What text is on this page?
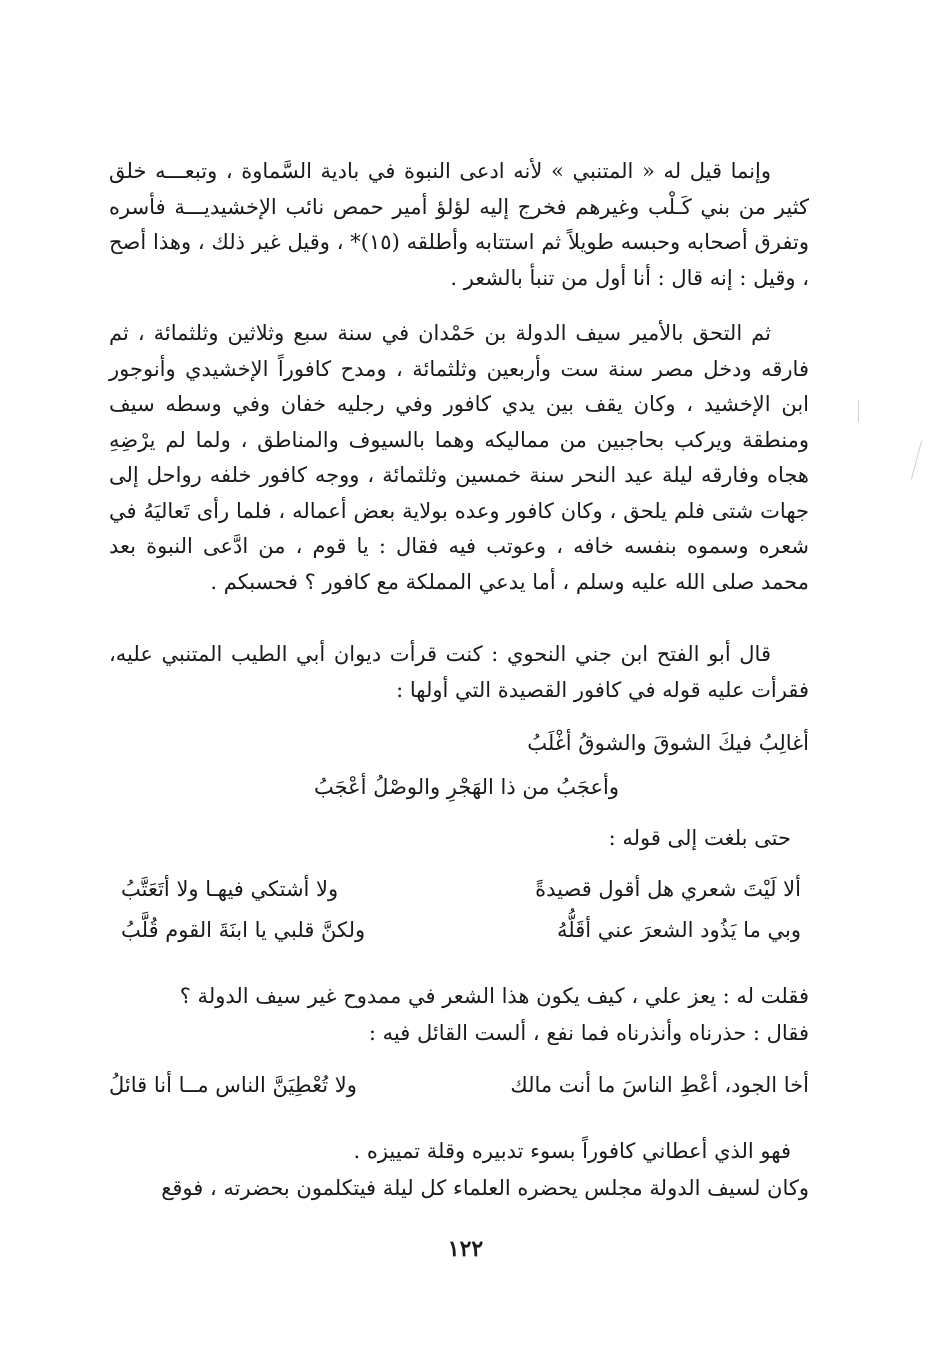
وإنما قيل له « المتنبي » لأنه ادعى النبوة في بادية السَّماوة ، وتبعـــه خلق كثير من بني كَـلْب وغيرهم فخرج إليه لؤلؤ أمير حمص نائب الإخشيديـــة فأسره وتفرق أصحابه وحبسه طويلاً ثم استتابه وأطلقه (١٥)* ، وقيل غير ذلك ، وهذا أصح ، وقيل : إنه قال : أنا أول من تنبأ بالشعر .

ثم التحق بالأمير سيف الدولة بن حَمْدان في سنة سبع وثلاثين وثلثمائة ، ثم فارقه ودخل مصر سنة ست وأربعين وثلثمائة ، ومدح كافوراً الإخشيدي وأنوجور ابن الإخشيد ، وكان يقف بين يدي كافور وفي رجليه خفان وفي وسطه سيف ومنطقة ويركب بحاجبين من مماليكه وهما بالسيوف والمناطق ، ولما لم يرْضِهِ هجاه وفارقه ليلة عيد النحر سنة خمسين وثلثمائة ، ووجه كافور خلفه رواحل إلى جهات شتى فلم يلحق ، وكان كافور وعده بولاية بعض أعماله ، فلما رأى تَعاليَهُ في شعره وسموه بنفسه خافه ، وعوتب فيه فقال : يا قوم ، من ادَّعى النبوة بعد محمد صلى الله عليه وسلم ، أما يدعي المملكة مع كافور ؟ فحسبكم .

قال أبو الفتح ابن جني النحوي : كنت قرأت ديوان أبي الطيب المتنبي عليه، فقرأت عليه قوله في كافور القصيدة التي أولها :

أغالِبُ فيكَ الشوقَ والشوقُ أغْلَبُ
وأعجَبُ من ذا الهَجْرِ والوصْلُ أعْجَبُ
حتى بلغت إلى قوله :
ألا لَيْتَ شعري هل أقول قصيدةً
ولا أشتكي فيهـا ولا أتَعَتَّبُ
وبي ما يَذُود الشعرَ عني أقَلُّهُ
ولكنَّ قلبي يا ابنَةَ القوم قُلَّبُ
فقلت له : يعز علي ، كيف يكون هذا الشعر في ممدوح غير سيف الدولة ؟
فقال : حذرناه وأنذرناه فما نفع ، ألست القائل فيه :
أخا الجود، أعْطِ الناسَ ما أنت مالك
ولا تُعْطِيَنَّ الناس مــا أنا قائلُ
فهو الذي أعطاني كافوراً بسوء تدبيره وقلة تمييزه .
وكان لسيف الدولة مجلس يحضره العلماء كل ليلة فيتكلمون بحضرته ، فوقع
١٢٢
